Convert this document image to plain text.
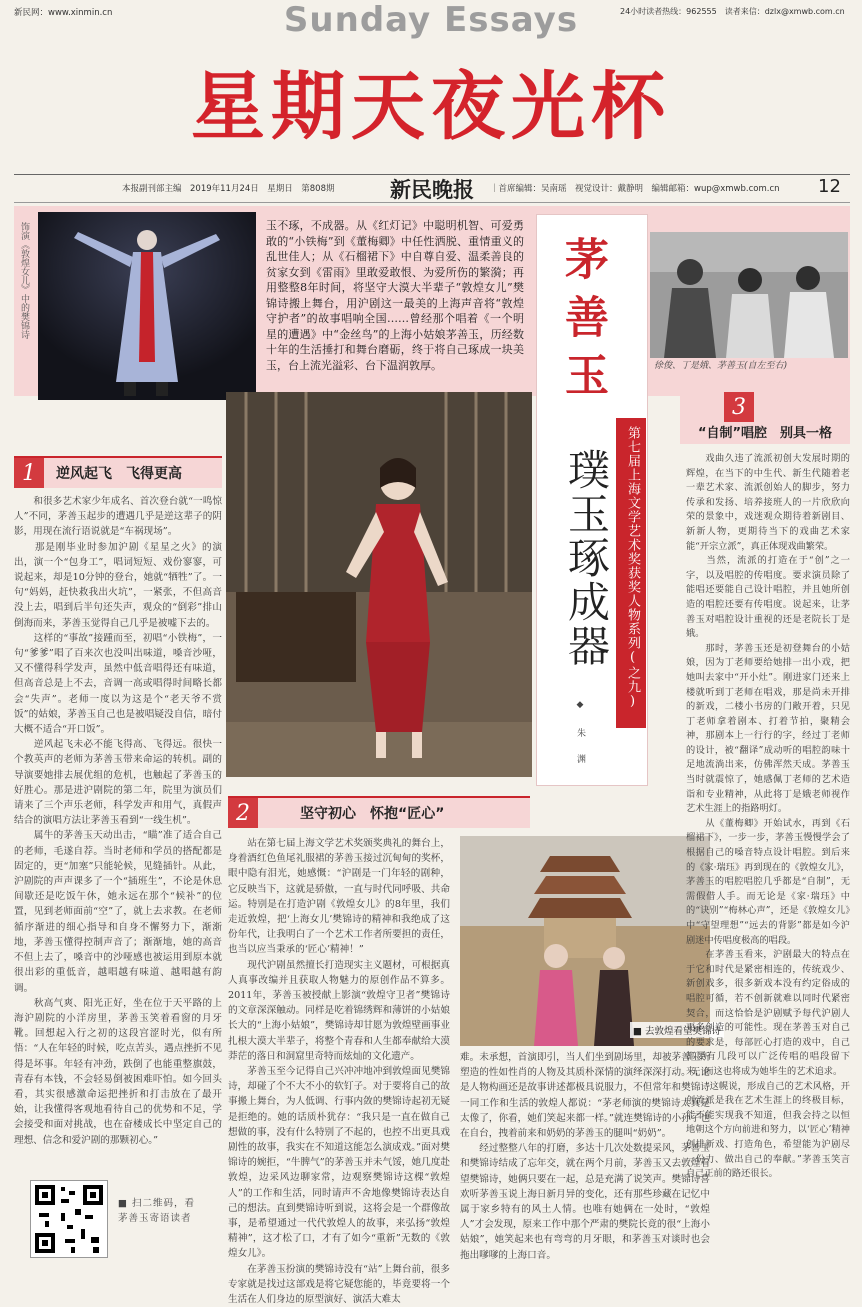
新民网：www.xinmin.cn	24小时读者热线：962555　读者来信：dzlx@xmwb.com.cn
Sunday Essays
星期天夜光杯
本报副刊部主编　2019年11月24日　星期日　第808期	新民晚报 ｜首席编辑：吴南瑶　视觉设计：戴静明　编辑邮箱：wup@xmwb.com.cn 12
饰演《敦煌女儿》中的樊锦诗	玉不琢，不成器。从《红灯记》中聪明机智、可爱勇敢的“小铁梅”到《董梅卿》中任性洒脱、重情重义的乱世佳人；从《石榴裙下》中自尊自爱、温柔善良的贫家女到《雷雨》里敢爱敢恨、为爱所伤的繁漪；再用整整8年时间，将坚守大漠大半辈子“敦煌女儿”樊锦诗搬上舞台，用沪剧这一最美的上海声音将“敦煌守护者”的故事唱响全国……曾经那个唱着《一个明星的遭遇》中“金丝鸟”的上海小姑娘茅善玉，历经数十年的生活捶打和舞台磨砺，终于将自己琢成一块美玉，台上流光溢彩、台下温润敦厚。	徐俊、丁是娥、茅善玉(自左至右)
茅善玉
璞玉琢成器	第七届上海文学艺术奖获奖人物系列(之九)
◆ 朱　渊
1	逆风起飞　飞得更高
　　和很多艺术家少年成名、首次登台就“一鸣惊人”不同，茅善玉起步的遭遇几乎是逆这辈子的阴影，用现在流行语说就是“车祸现场”。
　　那是刚毕业时参加沪剧《星星之火》的演出，演一个“包身工”，唱词短短、戏份寥寥，可说起来，却是10分钟的登台，她就“牺牲”了。一句“妈妈，赶快救我出火坑”，一紧张，不但高音没上去，唱到后半句还失声，观众的“倒彩”排山倒海而来，茅善玉觉得自己几乎是被嘘下去的。
　　这样的“事故”接踵而至，初唱“小铁梅”，一句“爹爹”唱了百来次也没叫出味道，嗓音沙哑，又不懂得科学发声，虽然中低音唱得还有味道，但高音总是上不去，音调一高或唱得时间略长都会“失声”。老师一度以为这是个“老天爷不赏饭”的姑娘，茅善玉自己也是被唱疑没自信，暗付大概不适合“开口饭”。
　　逆风起飞未必不能飞得高、飞得远。很快一个教英声的老师为茅善玉带来命运的转机。副的导演要她排去展优组的危机，也触起了茅善玉的好胜心。那是进沪剧院的第二年，院里为演员们请来了三个声乐老师，科学发声和用气，真假声结合的演唱方法让茅善玉看到“一线生机”。
　　属牛的茅善玉天动出击，“瞄”准了适合自己的老师，毛遂自荐。当时老师和学员的搭配都是固定的，更“加塞”只能轮候，见缝插针。从此，沪剧院的声声课多了一个“插班生”，不论是休息间歇还是吃饭午休，她永远在那个“候补”的位置，见到老师面前“空”了，就上去求教。在老师循序渐进的细心指导和自身不懈努力下，渐渐地，茅善玉懂得控制声音了；渐渐地，她的高音不但上去了，嗓音中的沙哑感也被运用到原本就很出彩的重低音，越唱越有味道、越唱越有韵调。
　　秋高气爽、阳光正好，坐在位于天平路的上海沪剧院的小洋房里，茅善玉笑着看窗的月牙靴。回想起入行之初的这段宫涩时光，似有所悟：“人在年轻的时候，吃点苦头，遇点挫折不见得是坏事。年轻有冲劲，跌倒了也能重整旗鼓，青春有本钱，不会轻易倒被困难吓怕。如今回头看，其实很感激命运把挫折和打击放在了最开始，让我懂得客观地看待自己的优势和不足，学会接受和面对挑战，也在奋楼成长中坚定自己的理想、信念和爱沪剧的那颗初心。”
■ 扫二维码，看茅善玉寄语读者
2	坚守初心　怀抱“匠心”
　　站在第七届上海文学艺术奖颁奖典礼的舞台上，身着酒红色鱼尾礼服裙的茅善玉接过沉甸甸的奖杯，眼中隐有泪光，她感慨：“沪剧是一门年轻的剧种，它反映当下，这就是骄傲，一直与时代同呼吸、共命运。特别是在打造沪剧《敦煌女儿》的8年里，我们走近敦煌，把‘上海女儿’樊锦诗的精神和我绝成了这份年代，让我明白了一个艺术工作者所要担的责任，也当以应当秉承的‘匠心’精神！”
　　现代沪剧虽然擅长打造现实主义题材，可根据真人真事改编并且获取人物魅力的原创作品不算多。2011年，茅善玉被授献上影演“敦煌守卫者”樊锦诗的文章深深触动。同样是吃着锦绣辉和薄饼的小姑娘长大的“上海小姑娘”，樊锦诗却甘愿为敦煌壁画事业扎根大漠大半辈子，将整个青春和人生都奉献给大漠莽茫的落日和洞窟里奇特而炫灿的文化遗产。
　　茅善玉至今记得自己兴冲冲地冲到敦煌面见樊锦诗，却碰了个不大不小的软钉子。对于要将自己的故事搬上舞台，为人低调、行事内敛的樊锦诗起初无疑是拒绝的。她的话质朴犹存：“我只是一直在做自己想做的事，没有什么特别了不起的，也控不出更具戏剧性的故事，我实在不知道这能怎么演成戏。”面对樊锦诗的婉拒，“牛脾气”的茅善玉并未气馁，她几度赴敦煌，边采风边聊家常，边观察樊锦诗这棵“敦煌人”的工作和生活，同时请声不舍地像樊锦诗表达自己的想法。直到樊锦诗听到说，这将会是一个群像故事，是希望通过一代代敦煌人的故事，来弘扬“敦煌精神”，这才松了口，才有了如今“重新”无数的《敦煌女儿》。
　　在茅善玉扮演的樊锦诗没有“站”上舞台前，很多专家就是找过这部戏是将它疑您能的，毕竟要将一个生活在人们身边的原型演好、演活大难太
■ 去敦煌看望樊锦诗
难。未承想，首演即引，当人们坐到剧场里，却被茅善玉所塑造的性如性肖的人物及其质朴深情的演绎深深打动。无论是人物构画还是故事讲述都极具说服力，不但常年和樊锦诗一同工作和生活的敦煌人都说：“茅老师演的樊锦诗太真是太像了，你看，她们笑起来都一样。”就连樊锦诗的小孙子也在自台，拽着前来和奶奶的茅善玉的腿叫“奶奶”。
　　经过整整八年的打磨，多达十几次处数提采风，茅善玉和樊锦诗结成了忘年交，就在两个月前，茅善玉又去敦煌看望樊锦诗，她俩只要在一起，总是充满了说笑声。樊锦诗喜欢听茅善玉说上海日新月异的变化，还有那些珍藏在记忆中属于家乡特有的风土人情。也唯有她俩在一处时，“敦煌人”才会发现，原来工作中那个严肃的樊院长竟的很“上海小姑娘”，她笑起来也有弯弯的月牙眼，和茅善玉对谈时也会拖出嗲嗲的上海口音。
3
“自制”唱腔　别具一格
　　戏曲久违了流派初创大发展时期的辉煌，在当下的中生代、新生代随着老一辈艺术家、流派创始人的脚步，努力传承和发扬、培养接班人的一片欣欣向荣的景象中，戏迷观众期待着新剧目、新新人物，更期待当下的戏曲艺术家能“开宗立派”，真正体现戏曲繁荣。
　　当然，流派的打造在于“创”之一字，以及唱腔的传唱度。要求演员除了能唱还要能自己设计唱腔，并且她所创造的唱腔还要有传唱度。说起来，让茅善玉对唱腔设计重视的还是老院长丁是娥。
　　那时，茅善玉还是初登舞台的小姑娘，因为丁老师要给她排一出小戏，把她叫去家中“开小灶”。刚进家门还来上楼就听到丁老师在唱戏，那是尚未开排的新戏，二楼小书房的门敞开着，只见丁老师拿着剧本、打着节拍，聚精会神，那剧本上一行行的字，经过丁老师的设计，被“翻译”成动听的唱腔韵味十足地流淌出来，仿佛浑然天成。茅善玉当时就震惊了，她感佩丁老师的艺术造诣和专业精神，从此将丁是娥老师视作艺术生涯上的指路明灯。
　　从《董梅卿》开始试水，再到《石榴裙下》，一步一步，茅善玉慢慢学会了根据自己的嗓音特点设计唱腔。到后来的《家·瑞珏》再到现在的《敦煌女儿》，茅善玉的唱腔唱腔几乎都是“自制”，无需假借人手。而无论是《家·瑞珏》中的“诀别”“梅林心声”，还是《敦煌女儿》中“守望理想”“远去的背影”都是如今沪剧迷中传唱度极高的唱段。
　　在茅善玉看来，沪剧最大的特点在于它和时代是紧密相连的，传统戏少、新创戏多，很多新戏本没有约定俗成的唱腔可循，若不创新就难以同时代紧密契合，而这恰恰是沪剧赋予每代沪剧人更多创造的可能性。现在茅善玉对自己的要求是，每部匠心打造的戏中，自己都要有几段可以广泛传唱的唱段留下来，而这也将成为她毕生的艺术追求。
　　“这幌说，形成自己的艺术风格，开创流派是我在艺术生涯上的终极目标，能不能实现我不知道，但我会持之以恒地朝这个方向前进和努力，以‘匠心’精神创排新戏、打造角色，希望能为沪剧尽一份力、做出自己的奉献。”茅善玉笑言自己正前的路还很长。
